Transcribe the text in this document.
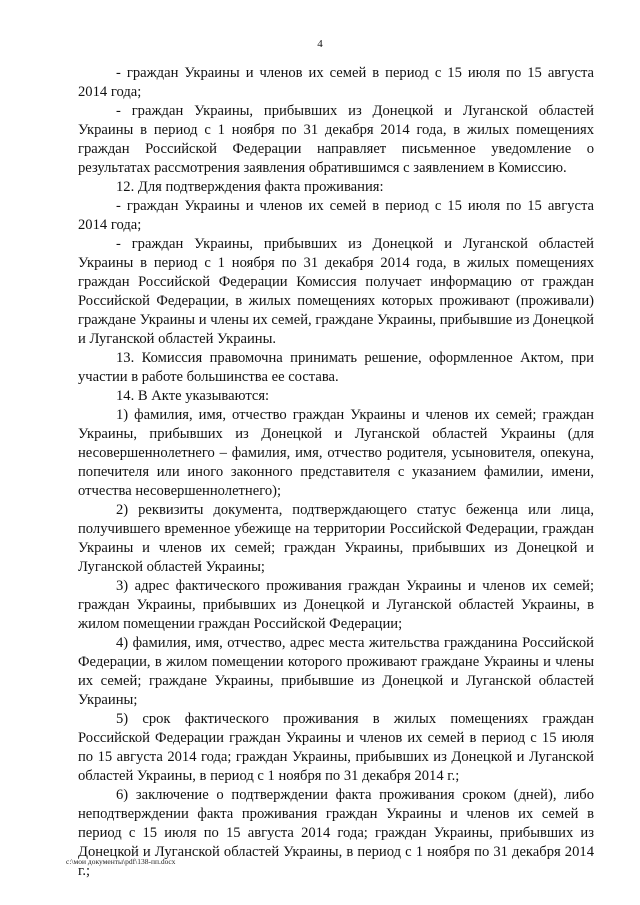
4

- граждан Украины и членов их семей в период с 15 июля по 15 августа 2014 года;

- граждан Украины, прибывших из Донецкой и Луганской областей Украины в период с 1 ноября по 31 декабря 2014 года, в жилых помещениях граждан Российской Федерации направляет письменное уведомление о результатах рассмотрения заявления обратившимся с заявлением в Комиссию.

12. Для подтверждения факта проживания:

- граждан Украины и членов их семей в период с 15 июля по 15 августа 2014 года;

- граждан Украины, прибывших из Донецкой и Луганской областей Украины в период с 1 ноября по 31 декабря 2014 года, в жилых помещениях граждан Российской Федерации Комиссия получает информацию от граждан Российской Федерации, в жилых помещениях которых проживают (проживали) граждане Украины и члены их семей, граждане Украины, прибывшие из Донецкой и Луганской областей Украины.

13. Комиссия правомочна принимать решение, оформленное Актом, при участии в работе большинства ее состава.

14. В Акте указываются:

1) фамилия, имя, отчество граждан Украины и членов их семей; граждан Украины, прибывших из Донецкой и Луганской областей Украины (для несовершеннолетнего – фамилия, имя, отчество родителя, усыновителя, опекуна, попечителя или иного законного представителя с указанием фамилии, имени, отчества несовершеннолетнего);

2) реквизиты документа, подтверждающего статус беженца или лица, получившего временное убежище на территории Российской Федерации, граждан Украины и членов их семей; граждан Украины, прибывших из Донецкой и Луганской областей Украины;

3) адрес фактического проживания граждан Украины и членов их семей; граждан Украины, прибывших из Донецкой и Луганской областей Украины, в жилом помещении граждан Российской Федерации;

4) фамилия, имя, отчество, адрес места жительства гражданина Российской Федерации, в жилом помещении которого проживают граждане Украины и члены их семей; граждане Украины, прибывшие из Донецкой и Луганской областей Украины;

5) срок фактического проживания в жилых помещениях граждан Российской Федерации граждан Украины и членов их семей в период с 15 июля по 15 августа 2014 года; граждан Украины, прибывших из Донецкой и Луганской областей Украины, в период с 1 ноября по 31 декабря 2014 г.;

6) заключение о подтверждении факта проживания сроком (дней), либо неподтверждении факта проживания граждан Украины и членов их семей в период с 15 июля по 15 августа 2014 года; граждан Украины, прибывших из Донецкой и Луганской областей Украины, в период с 1 ноября по 31 декабря 2014 г.;

c:\мои документы\pdf\138-пп.docx
